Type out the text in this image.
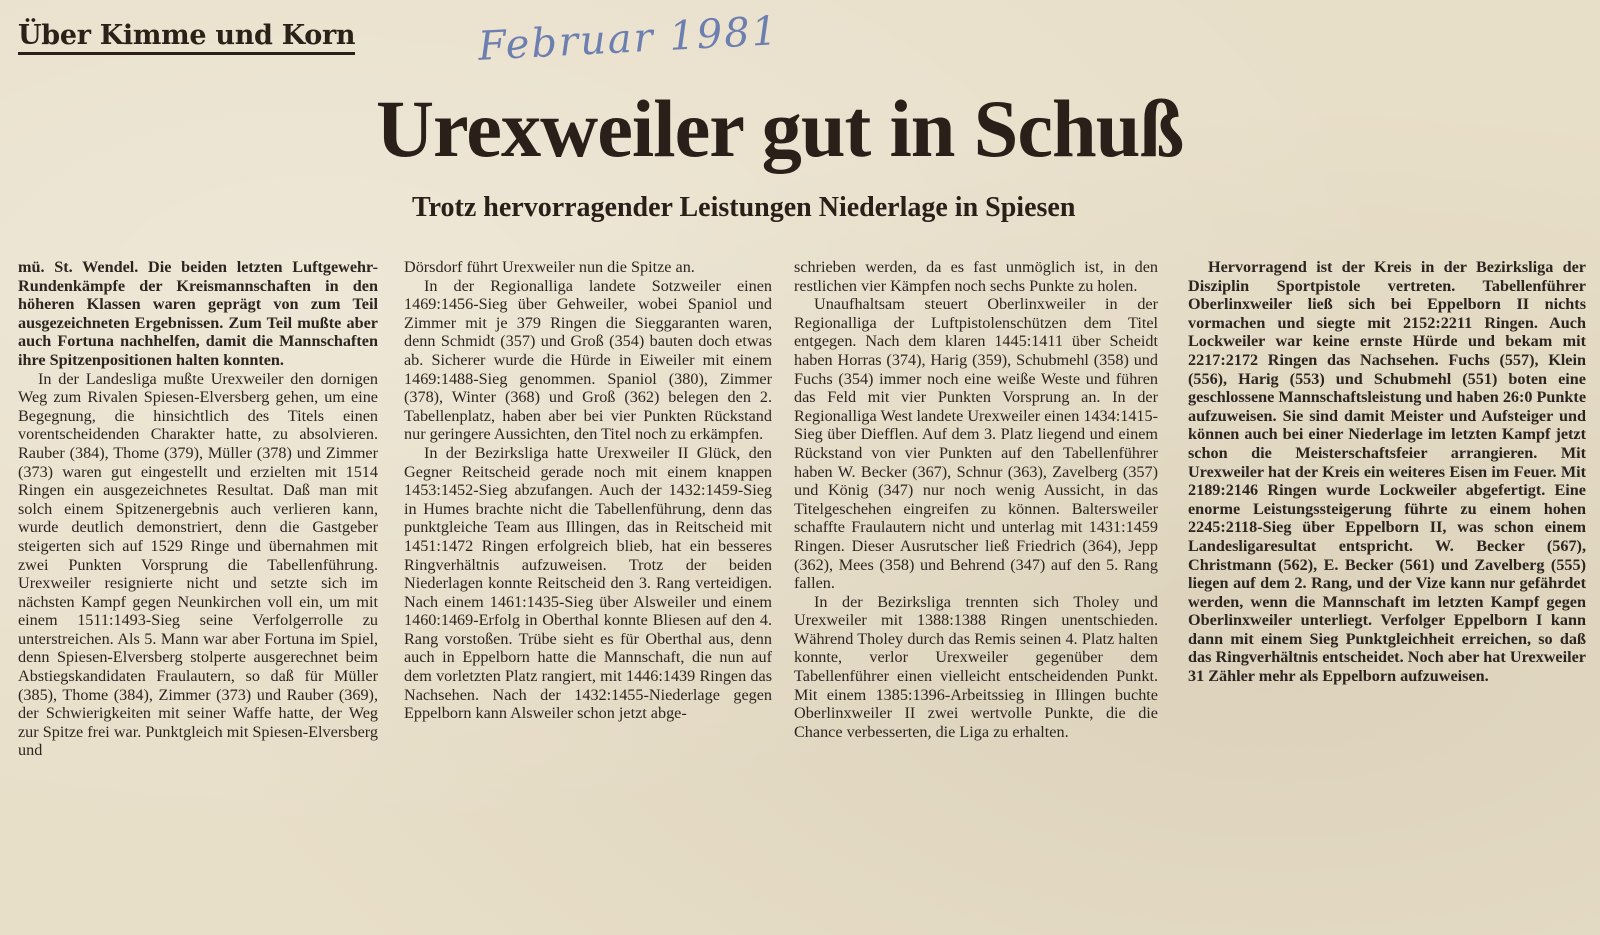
Über Kimme und Korn	Februar 1981
Urexweiler gut in Schuß
Trotz hervorragender Leistungen Niederlage in Spiesen

mü. St. Wendel. Die beiden letzten Luftgewehr-Rundenkämpfe der Kreismannschaften in den höheren Klassen waren geprägt von zum Teil ausgezeichneten Ergebnissen. Zum Teil mußte aber auch Fortuna nachhelfen, damit die Mannschaften ihre Spitzenpositionen halten konnten.

In der Landesliga mußte Urexweiler den dornigen Weg zum Rivalen Spiesen-Elversberg gehen, um eine Begegnung, die hinsichtlich des Titels einen vorentscheidenden Charakter hatte, zu absolvieren. Rauber (384), Thome (379), Müller (378) und Zimmer (373) waren gut eingestellt und erzielten mit 1514 Ringen ein ausgezeichnetes Resultat. Daß man mit solch einem Spitzenergebnis auch verlieren kann, wurde deutlich demonstriert, denn die Gastgeber steigerten sich auf 1529 Ringe und übernahmen mit zwei Punkten Vorsprung die Tabellenführung. Urexweiler resignierte nicht und setzte sich im nächsten Kampf gegen Neunkirchen voll ein, um mit einem 1511:1493-Sieg seine Verfolgerrolle zu unterstreichen. Als 5. Mann war aber Fortuna im Spiel, denn Spiesen-Elversberg stolperte ausgerechnet beim Abstiegskandidaten Fraulautern, so daß für Müller (385), Thome (384), Zimmer (373) und Rauber (369), der Schwierigkeiten mit seiner Waffe hatte, der Weg zur Spitze frei war. Punktgleich mit Spiesen-Elversberg und

Dörsdorf führt Urexweiler nun die Spitze an.

In der Regionalliga landete Sotzweiler einen 1469:1456-Sieg über Gehweiler, wobei Spaniol und Zimmer mit je 379 Ringen die Sieggaranten waren, denn Schmidt (357) und Groß (354) bauten doch etwas ab. Sicherer wurde die Hürde in Eiweiler mit einem 1469:1488-Sieg genommen. Spaniol (380), Zimmer (378), Winter (368) und Groß (362) belegen den 2. Tabellenplatz, haben aber bei vier Punkten Rückstand nur geringere Aussichten, den Titel noch zu erkämpfen.

In der Bezirksliga hatte Urexweiler II Glück, den Gegner Reitscheid gerade noch mit einem knappen 1453:1452-Sieg abzufangen. Auch der 1432:1459-Sieg in Humes brachte nicht die Tabellenführung, denn das punktgleiche Team aus Illingen, das in Reitscheid mit 1451:1472 Ringen erfolgreich blieb, hat ein besseres Ringverhältnis aufzuweisen. Trotz der beiden Niederlagen konnte Reitscheid den 3. Rang verteidigen. Nach einem 1461:1435-Sieg über Alsweiler und einem 1460:1469-Erfolg in Oberthal konnte Bliesen auf den 4. Rang vorstoßen. Trübe sieht es für Oberthal aus, denn auch in Eppelborn hatte die Mannschaft, die nun auf dem vorletzten Platz rangiert, mit 1446:1439 Ringen das Nachsehen. Nach der 1432:1455-Niederlage gegen Eppelborn kann Alsweiler schon jetzt abge-

schrieben werden, da es fast unmöglich ist, in den restlichen vier Kämpfen noch sechs Punkte zu holen.

Unaufhaltsam steuert Oberlinxweiler in der Regionalliga der Luftpistolenschützen dem Titel entgegen. Nach dem klaren 1445:1411 über Scheidt haben Horras (374), Harig (359), Schubmehl (358) und Fuchs (354) immer noch eine weiße Weste und führen das Feld mit vier Punkten Vorsprung an. In der Regionalliga West landete Urexweiler einen 1434:1415-Sieg über Diefflen. Auf dem 3. Platz liegend und einem Rückstand von vier Punkten auf den Tabellenführer haben W. Becker (367), Schnur (363), Zavelberg (357) und König (347) nur noch wenig Aussicht, in das Titelgeschehen eingreifen zu können. Baltersweiler schaffte Fraulautern nicht und unterlag mit 1431:1459 Ringen. Dieser Ausrutscher ließ Friedrich (364), Jepp (362), Mees (358) und Behrend (347) auf den 5. Rang fallen.

In der Bezirksliga trennten sich Tholey und Urexweiler mit 1388:1388 Ringen unentschieden. Während Tholey durch das Remis seinen 4. Platz halten konnte, verlor Urexweiler gegenüber dem Tabellenführer einen vielleicht entscheidenden Punkt. Mit einem 1385:1396-Arbeitssieg in Illingen buchte Oberlinxweiler II zwei wertvolle Punkte, die die Chance verbesserten, die Liga zu erhalten.

Hervorragend ist der Kreis in der Bezirksliga der Disziplin Sportpistole vertreten. Tabellenführer Oberlinxweiler ließ sich bei Eppelborn II nichts vormachen und siegte mit 2152:2211 Ringen. Auch Lockweiler war keine ernste Hürde und bekam mit 2217:2172 Ringen das Nachsehen. Fuchs (557), Klein (556), Harig (553) und Schubmehl (551) boten eine geschlossene Mannschaftsleistung und haben 26:0 Punkte aufzuweisen. Sie sind damit Meister und Aufsteiger und können auch bei einer Niederlage im letzten Kampf jetzt schon die Meisterschaftsfeier arrangieren. Mit Urexweiler hat der Kreis ein weiteres Eisen im Feuer. Mit 2189:2146 Ringen wurde Lockweiler abgefertigt. Eine enorme Leistungssteigerung führte zu einem hohen 2245:2118-Sieg über Eppelborn II, was schon einem Landesligaresultat entspricht. W. Becker (567), Christmann (562), E. Becker (561) und Zavelberg (555) liegen auf dem 2. Rang, und der Vize kann nur gefährdet werden, wenn die Mannschaft im letzten Kampf gegen Oberlinxweiler unterliegt. Verfolger Eppelborn I kann dann mit einem Sieg Punktgleichheit erreichen, so daß das Ringverhältnis entscheidet. Noch aber hat Urexweiler 31 Zähler mehr als Eppelborn aufzuweisen.
